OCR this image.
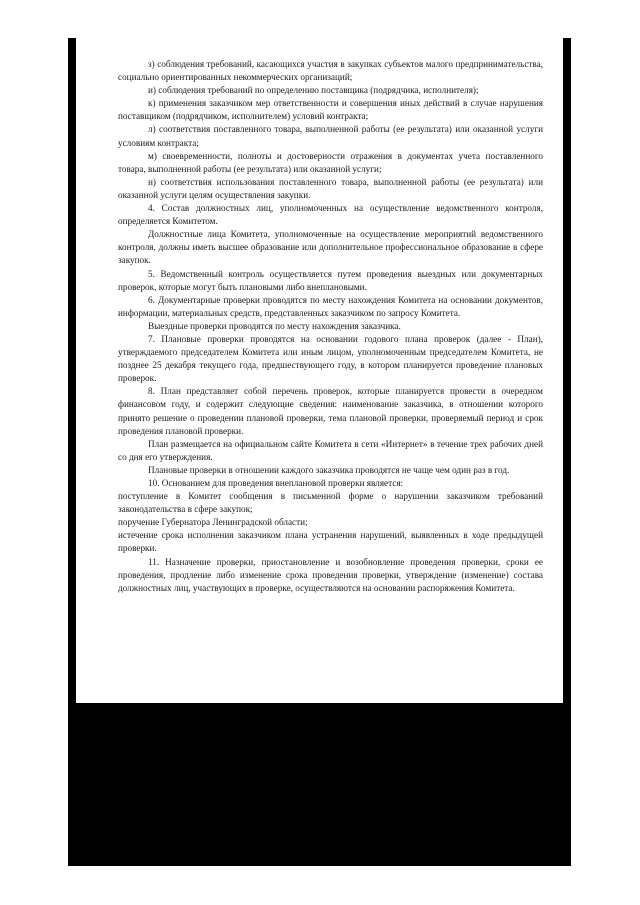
з) соблюдения требований, касающихся участия в закупках субъектов малого предпринимательства, социально ориентированных некоммерческих организаций;

и) соблюдения требований по определению поставщика (подрядчика, исполнителя);

к) применения заказчиком мер ответственности и совершения иных действий в случае нарушения поставщиком (подрядчиком, исполнителем) условий контракта;

л) соответствия поставленного товара, выполненной работы (ее результата) или оказанной услуги условиям контракта;

м) своевременности, полноты и достоверности отражения в документах учета поставленного товара, выполненной работы (ее результата) или оказанной услуги;

н) соответствия использования поставленного товара, выполненной работы (ее результата) или оказанной услуги целям осуществления закупки.

4. Состав должностных лиц, уполномоченных на осуществление ведомственного контроля, определяется Комитетом.

Должностные лица Комитета, уполномоченные на осуществление мероприятий ведомственного контроля, должны иметь высшее образование или дополнительное профессиональное образование в сфере закупок.

5. Ведомственный контроль осуществляется путем проведения выездных или документарных проверок, которые могут быть плановыми либо внеплановыми.

6. Документарные проверки проводятся по месту нахождения Комитета на основании документов, информации, материальных средств, представленных заказчиком по запросу Комитета.

Выездные проверки проводятся по месту нахождения заказчика.

7. Плановые проверки проводятся на основании годового плана проверок (далее - План), утверждаемого председателем Комитета или иным лицом, уполномоченным председателем Комитета, не позднее 25 декабря текущего года, предшествующего году, в котором планируется проведение плановых проверок.

8. План представляет собой перечень проверок, которые планируется провести в очередном финансовом году, и содержит следующие сведения: наименование заказчика, в отношении которого принято решение о проведении плановой проверки, тема плановой проверки, проверяемый период и срок проведения плановой проверки.

План размещается на официальном сайте Комитета в сети «Интернет» в течение трех рабочих дней со дня его утверждения.

Плановые проверки в отношении каждого заказчика проводятся не чаще чем один раз в год.

10. Основанием для проведения внеплановой проверки является:

поступление в Комитет сообщения в письменной форме о нарушении заказчиком требований законодательства в сфере закупок;

поручение Губернатора Ленинградской области;

истечение срока исполнения заказчиком плана устранения нарушений, выявленных в ходе предыдущей проверки.

11. Назначение проверки, приостановление и возобновление проведения проверки, сроки ее проведения, продление либо изменение срока проведения проверки, утверждение (изменение) состава должностных лиц, участвующих в проверке, осуществляются на основании распоряжения Комитета.
